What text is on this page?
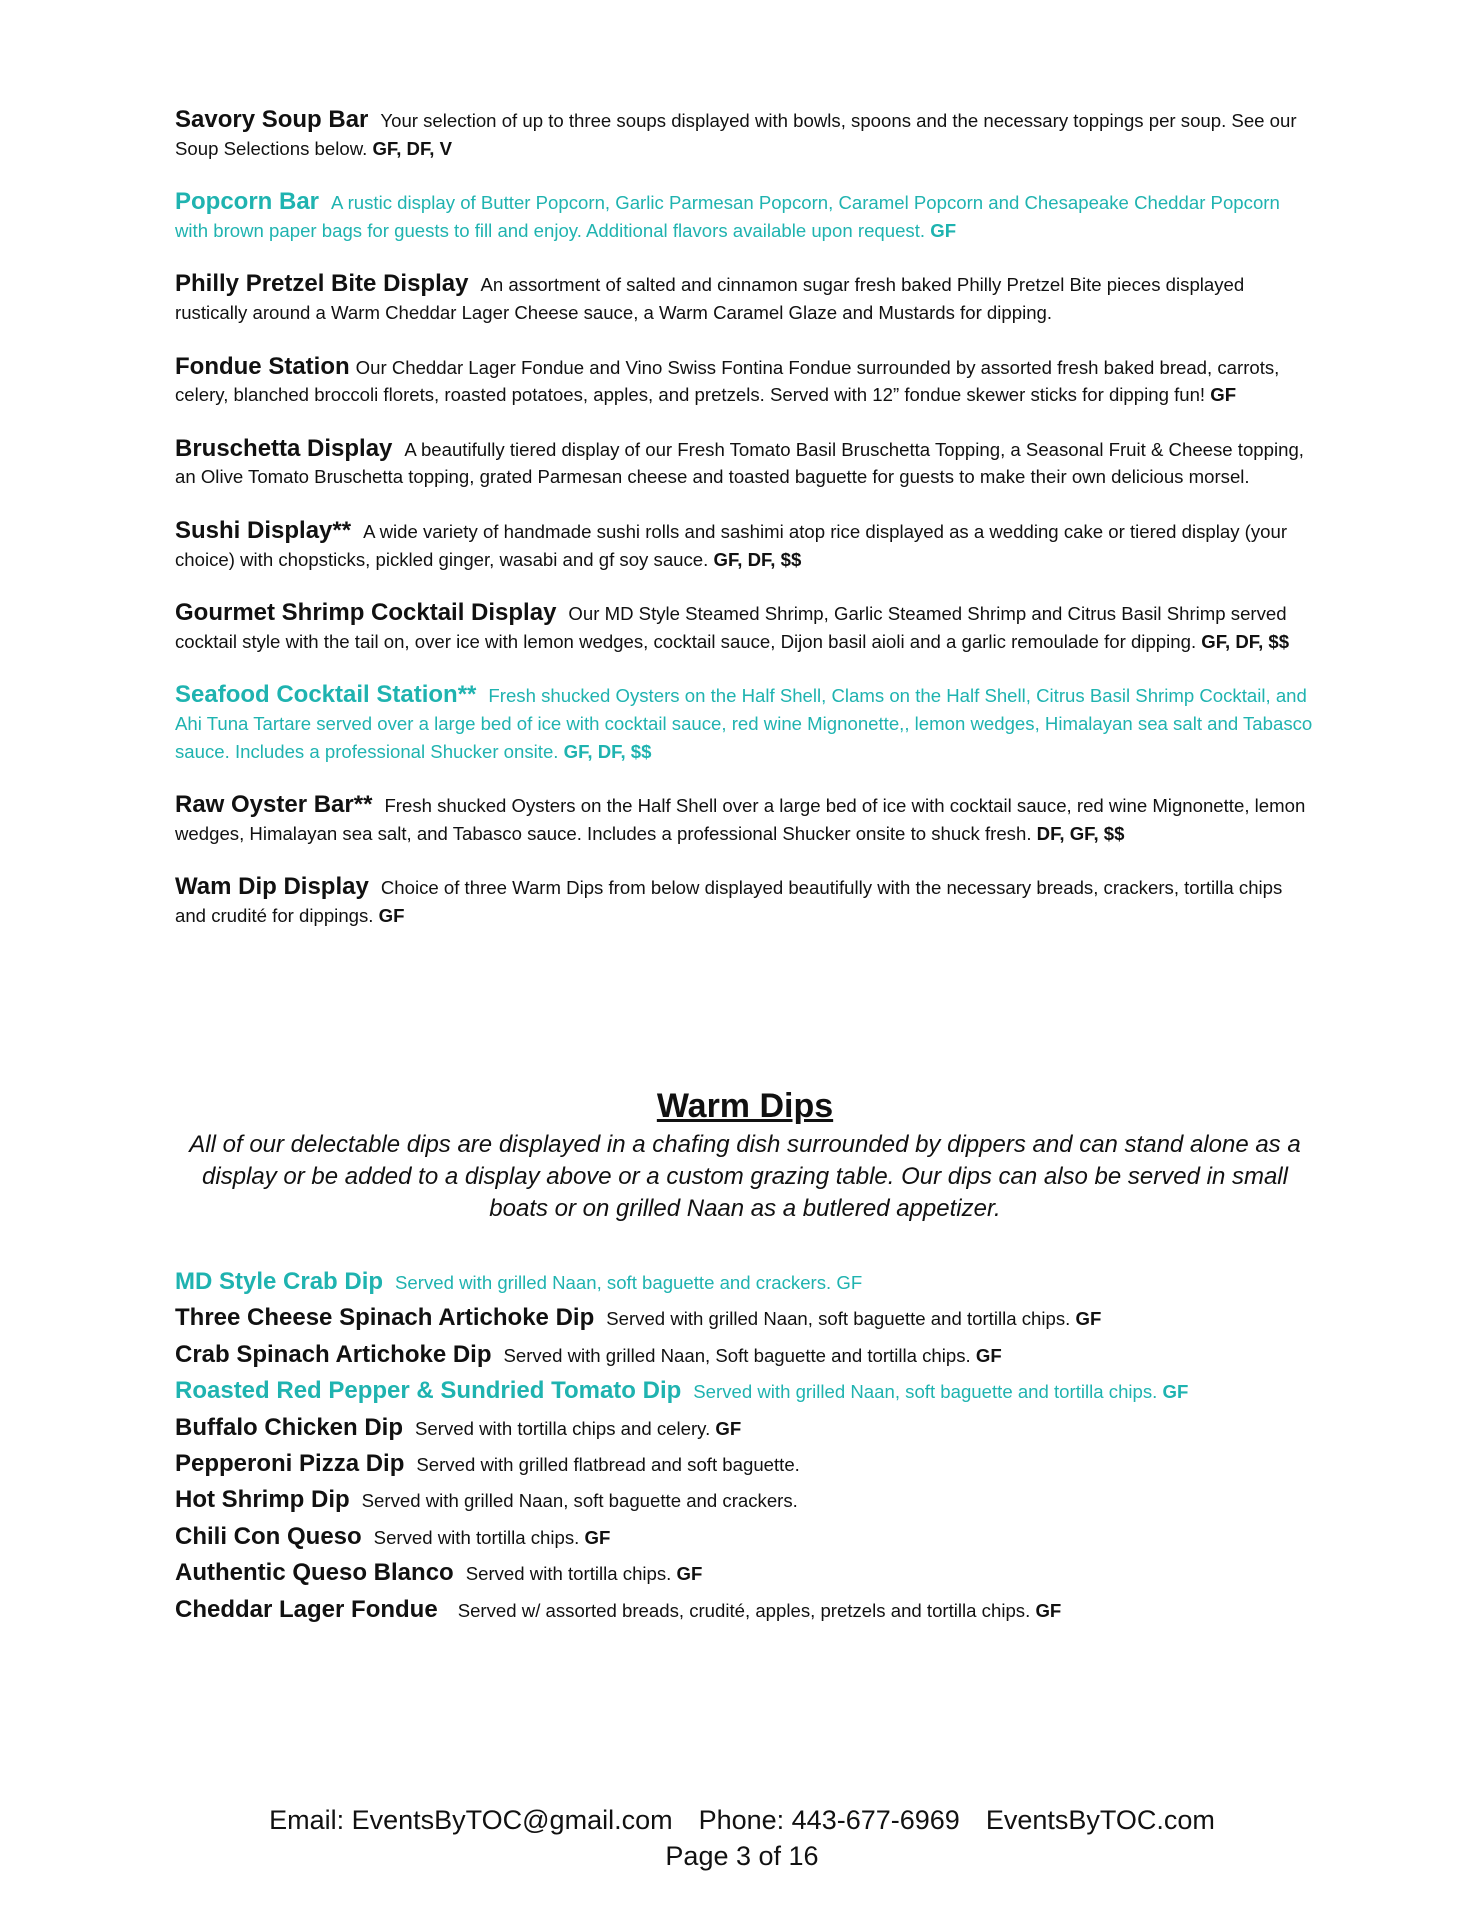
Savory Soup Bar Your selection of up to three soups displayed with bowls, spoons and the necessary toppings per soup. See our Soup Selections below. GF, DF, V
Popcorn Bar A rustic display of Butter Popcorn, Garlic Parmesan Popcorn, Caramel Popcorn and Chesapeake Cheddar Popcorn with brown paper bags for guests to fill and enjoy. Additional flavors available upon request. GF
Philly Pretzel Bite Display An assortment of salted and cinnamon sugar fresh baked Philly Pretzel Bite pieces displayed rustically around a Warm Cheddar Lager Cheese sauce, a Warm Caramel Glaze and Mustards for dipping.
Fondue Station Our Cheddar Lager Fondue and Vino Swiss Fontina Fondue surrounded by assorted fresh baked bread, carrots, celery, blanched broccoli florets, roasted potatoes, apples, and pretzels. Served with 12” fondue skewer sticks for dipping fun! GF
Bruschetta Display A beautifully tiered display of our Fresh Tomato Basil Bruschetta Topping, a Seasonal Fruit & Cheese topping, an Olive Tomato Bruschetta topping, grated Parmesan cheese and toasted baguette for guests to make their own delicious morsel.
Sushi Display** A wide variety of handmade sushi rolls and sashimi atop rice displayed as a wedding cake or tiered display (your choice) with chopsticks, pickled ginger, wasabi and gf soy sauce. GF, DF, $$
Gourmet Shrimp Cocktail Display Our MD Style Steamed Shrimp, Garlic Steamed Shrimp and Citrus Basil Shrimp served cocktail style with the tail on, over ice with lemon wedges, cocktail sauce, Dijon basil aioli and a garlic remoulade for dipping. GF, DF, $$
Seafood Cocktail Station** Fresh shucked Oysters on the Half Shell, Clams on the Half Shell, Citrus Basil Shrimp Cocktail, and Ahi Tuna Tartare served over a large bed of ice with cocktail sauce, red wine Mignonette,, lemon wedges, Himalayan sea salt and Tabasco sauce. Includes a professional Shucker onsite. GF, DF, $$
Raw Oyster Bar** Fresh shucked Oysters on the Half Shell over a large bed of ice with cocktail sauce, red wine Mignonette, lemon wedges, Himalayan sea salt, and Tabasco sauce. Includes a professional Shucker onsite to shuck fresh. DF, GF, $$
Wam Dip Display Choice of three Warm Dips from below displayed beautifully with the necessary breads, crackers, tortilla chips and crudité for dippings. GF
Warm Dips
All of our delectable dips are displayed in a chafing dish surrounded by dippers and can stand alone as a display or be added to a display above or a custom grazing table. Our dips can also be served in small boats or on grilled Naan as a butlered appetizer.
MD Style Crab Dip Served with grilled Naan, soft baguette and crackers. GF
Three Cheese Spinach Artichoke Dip Served with grilled Naan, soft baguette and tortilla chips. GF
Crab Spinach Artichoke Dip Served with grilled Naan, Soft baguette and tortilla chips. GF
Roasted Red Pepper & Sundried Tomato Dip Served with grilled Naan, soft baguette and tortilla chips. GF
Buffalo Chicken Dip Served with tortilla chips and celery. GF
Pepperoni Pizza Dip Served with grilled flatbread and soft baguette.
Hot Shrimp Dip Served with grilled Naan, soft baguette and crackers.
Chili Con Queso Served with tortilla chips. GF
Authentic Queso Blanco Served with tortilla chips. GF
Cheddar Lager Fondue Served w/ assorted breads, crudité, apples, pretzels and tortilla chips. GF
Email: EventsByTOC@gmail.com Phone: 443-677-6969 EventsByTOC.com
Page 3 of 16
